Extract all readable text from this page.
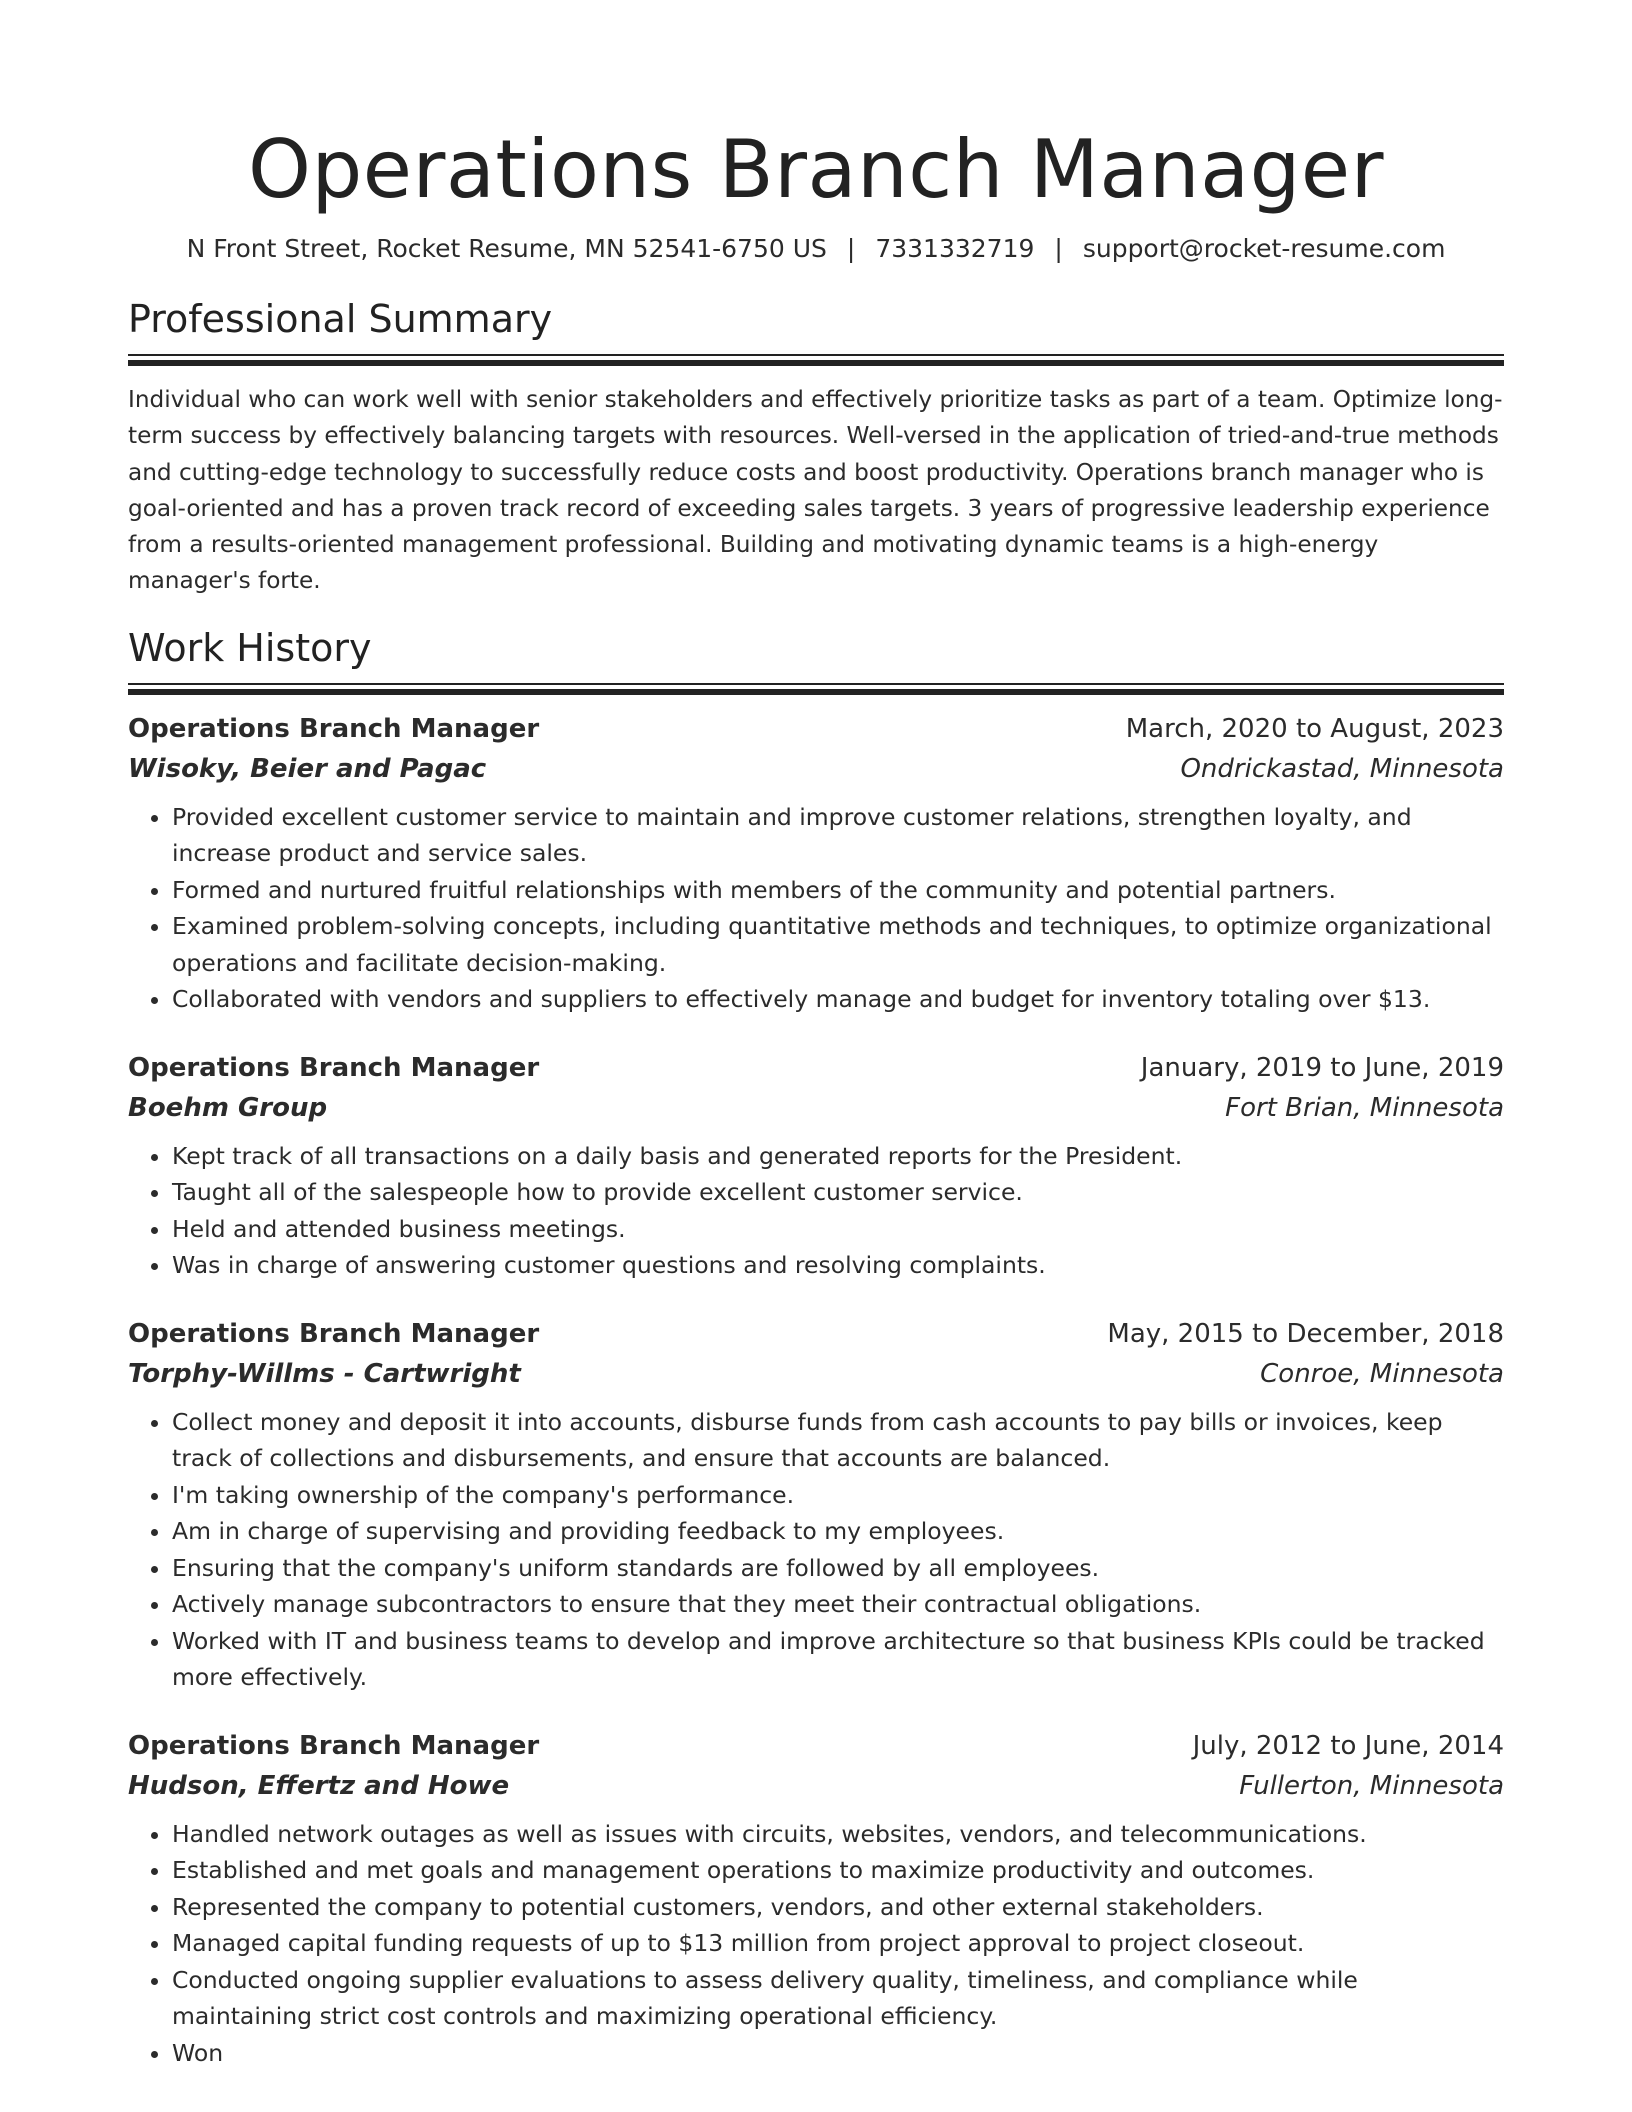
Operations Branch Manager
N Front Street, Rocket Resume, MN 52541-6750 US | 7331332719 | support@rocket-resume.com
Professional Summary

Individual who can work well with senior stakeholders and effectively prioritize tasks as part of a team. Optimize long-term success by effectively balancing targets with resources. Well-versed in the application of tried-and-true methods and cutting-edge technology to successfully reduce costs and boost productivity. Operations branch manager who is goal-oriented and has a proven track record of exceeding sales targets. 3 years of progressive leadership experience from a results-oriented management professional. Building and motivating dynamic teams is a high-energy manager's forte.

Work History
Operations Branch Manager	March, 2020 to August, 2023
Wisoky, Beier and Pagac	Ondrickastad, Minnesota
• Provided excellent customer service to maintain and improve customer relations, strengthen loyalty, and increase product and service sales.
• Formed and nurtured fruitful relationships with members of the community and potential partners.
• Examined problem-solving concepts, including quantitative methods and techniques, to optimize organizational operations and facilitate decision-making.
• Collaborated with vendors and suppliers to effectively manage and budget for inventory totaling over $13.
Operations Branch Manager	January, 2019 to June, 2019
Boehm Group	Fort Brian, Minnesota
• Kept track of all transactions on a daily basis and generated reports for the President.
• Taught all of the salespeople how to provide excellent customer service.
• Held and attended business meetings.
• Was in charge of answering customer questions and resolving complaints.
Operations Branch Manager	May, 2015 to December, 2018
Torphy-Willms - Cartwright	Conroe, Minnesota
• Collect money and deposit it into accounts, disburse funds from cash accounts to pay bills or invoices, keep track of collections and disbursements, and ensure that accounts are balanced.
• I'm taking ownership of the company's performance.
• Am in charge of supervising and providing feedback to my employees.
• Ensuring that the company's uniform standards are followed by all employees.
• Actively manage subcontractors to ensure that they meet their contractual obligations.
• Worked with IT and business teams to develop and improve architecture so that business KPIs could be tracked more effectively.
Operations Branch Manager	July, 2012 to June, 2014
Hudson, Effertz and Howe	Fullerton, Minnesota
• Handled network outages as well as issues with circuits, websites, vendors, and telecommunications.
• Established and met goals and management operations to maximize productivity and outcomes.
• Represented the company to potential customers, vendors, and other external stakeholders.
• Managed capital funding requests of up to $13 million from project approval to project closeout.
• Conducted ongoing supplier evaluations to assess delivery quality, timeliness, and compliance while maintaining strict cost controls and maximizing operational efficiency.
• Won
